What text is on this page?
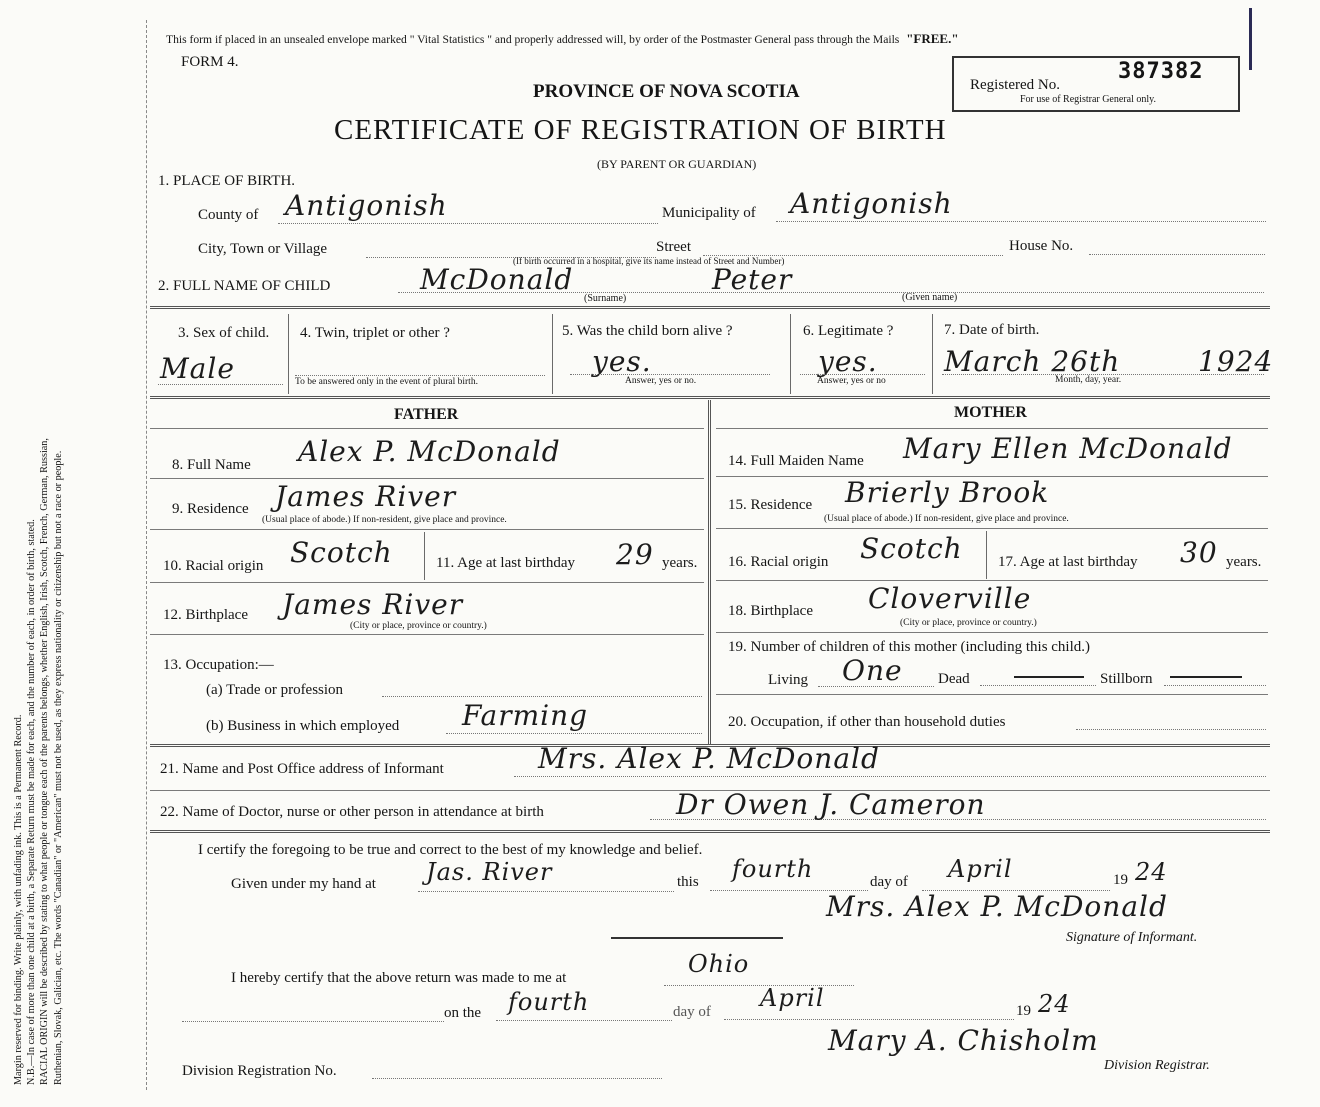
Margin reserved for binding. Write plainly, with unfading ink. This is a Permanent Record. N.B.—In case of more than one child at a birth, a Separate Return must be made for each, and the number of each, in order of birth, stated. RACIAL ORIGIN will be described by stating to what people or tongue each of the parents belongs, whether English, Irish, Scotch, French, German, Russian, Ruthenian, Slovak, Galician, etc. The words "Canadian" or "American" must not be used, as they express nationality or citizenship but not a race or people.
This form if placed in an unsealed envelope marked " Vital Statistics " and properly addressed will, by order of the Postmaster General pass through the Mails "FREE."
FORM 4.
PROVINCE OF NOVA SCOTIA
CERTIFICATE OF REGISTRATION OF BIRTH
(BY PARENT OR GUARDIAN)
Registered No.
387382
For use of Registrar General only.
1. PLACE OF BIRTH.
County of Antigonish	Municipality of Antigonish
City, Town or Village	Street	House No.
(If birth occurred in a hospital, give its name instead of Street and Number)
2. FULL NAME OF CHILD	McDonald	Peter
(Surname)	(Given name)
3. Sex of child.
Male
4. Twin, triplet or other ?
To be answered only in the event of plural birth.
5. Was the child born alive ?
yes.
Answer, yes or no.
6. Legitimate ?
yes.
Answer, yes or no
7. Date of birth.
March 26th	1924
Month, day, year.
FATHER	MOTHER
8. Full Name Alex P. McDonald
9. Residence James River
(Usual place of abode.) If non-resident, give place and province.
10. Racial origin Scotch	11. Age at last birthday 29 years.
12. Birthplace James River
(City or place, province or country.)
13. Occupation:—
(a) Trade or profession
(b) Business in which employed Farming
14. Full Maiden Name Mary Ellen McDonald
15. Residence Brierly Brook
(Usual place of abode.) If non-resident, give place and province.
16. Racial origin Scotch 17. Age at last birthday 30 years.
18. Birthplace Cloverville
(City or place, province or country.)
19. Number of children of this mother (including this child.)
Living One Dead	Stillborn
20. Occupation, if other than household duties
21. Name and Post Office address of Informant	Mrs. Alex P. McDonald
22. Name of Doctor, nurse or other person in attendance at birth	Dr Owen J. Cameron
I certify the foregoing to be true and correct to the best of my knowledge and belief.
Given under my hand at Jas. River	this fourth	day of April	19 24
Mrs. Alex P. McDonald
Signature of Informant.
I hereby certify that the above return was made to me at	Ohio
on the fourth	day of April	19 24
Mary A. Chisholm
Division Registrar.
Division Registration No.
